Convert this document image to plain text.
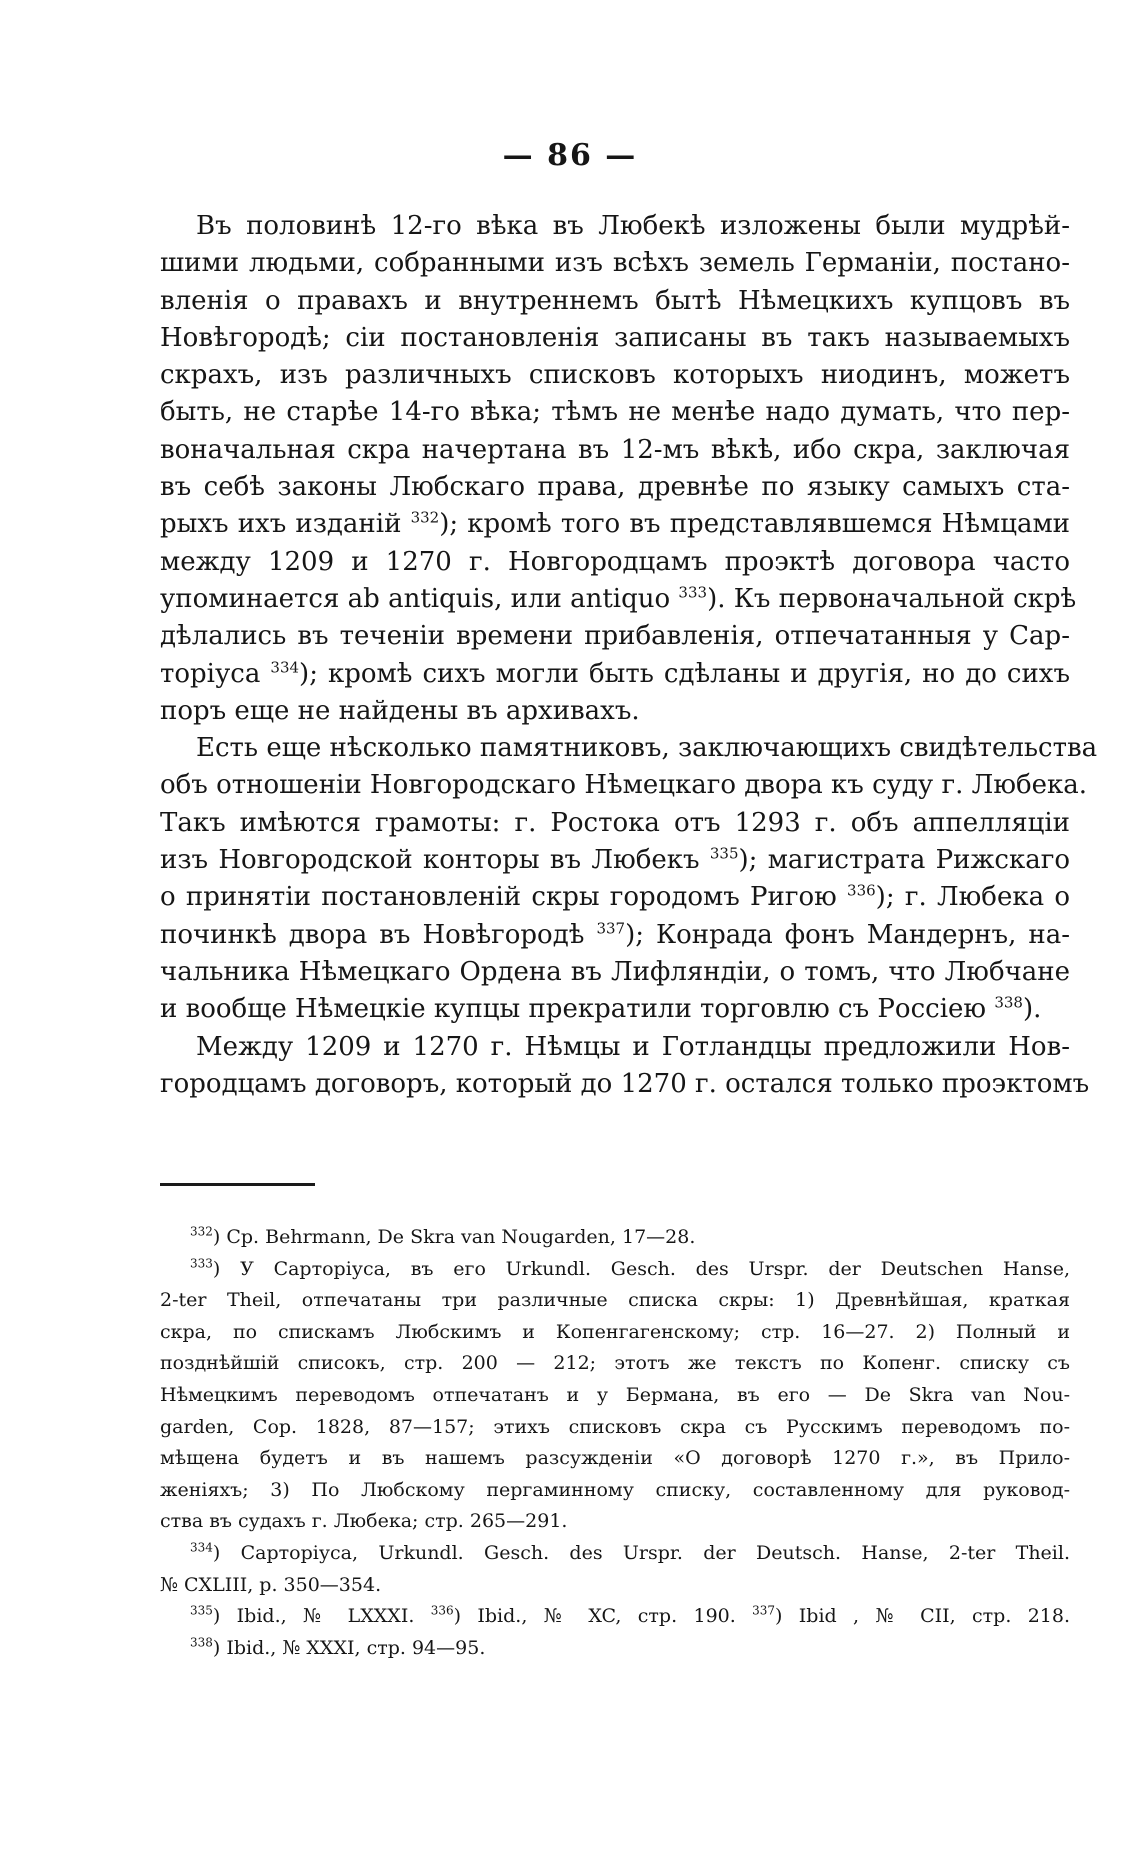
— 86 —

Въ половинѣ 12-го вѣка въ Любекѣ изложены были мудрѣй-
шими людьми, собранными изъ всѣхъ земель Германіи, постано-
вленія о правахъ и внутреннемъ бытѣ Нѣмецкихъ купцовъ въ
Новѣгородѣ; сіи постановленія записаны въ такъ называемыхъ
скрахъ, изъ различныхъ списковъ которыхъ ниодинъ, можетъ
быть, не старѣе 14-го вѣка; тѣмъ не менѣе надо думать, что пер-
воначальная скра начертана въ 12-мъ вѣкѣ, ибо скра, заключая
въ себѣ законы Любскаго права, древнѣе по языку самыхъ ста-
рыхъ ихъ изданій $^{332}$); кромѣ того въ представлявшемся Нѣмцами
между 1209 и 1270 г. Новгородцамъ проэктѣ договора часто
упоминается ab antiquis, или antiquo $^{333}$). Къ первоначальной скрѣ
дѣлались въ теченіи времени прибавленія, отпечатанныя у Сар-
торіуса $^{334}$); кромѣ сихъ могли быть сдѣланы и другія, но до сихъ
поръ еще не найдены въ архивахъ.

Есть еще нѣсколько памятниковъ, заключающихъ свидѣтельства
объ отношеніи Новгородскаго Нѣмецкаго двора къ суду г. Любека.
Такъ имѣются грамоты: г. Ростока отъ 1293 г. объ аппелляціи
изъ Новгородской конторы въ Любекъ $^{335}$); магистрата Рижскаго
о принятіи постановленій скры городомъ Ригою $^{336}$); г. Любека о
починкѣ двора въ Новѣгородѣ $^{337}$); Конрада фонъ Мандернъ, на-
чальника Нѣмецкаго Ордена въ Лифляндіи, о томъ, что Любчане
и вообще Нѣмецкіе купцы прекратили торговлю съ Россіею $^{338}$).

Между 1209 и 1270 г. Нѣмцы и Готландцы предложили Нов-
городцамъ договоръ, который до 1270 г. остался только проэктомъ

$^{332}$) Ср. Behrmann, De Skra van Nougarden, 17—28.

$^{333}$) У Сарторіуса, въ его Urkundl. Gesch. des Urspr. der Deutschen Hanse,
2-ter Theil, отпечатаны три различные списка скры: 1) Древнѣйшая, краткая
скра, по спискамъ Любскимъ и Копенгагенскому; стр. 16—27. 2) Полный и
позднѣйшій списокъ, стр. 200 — 212; этотъ же текстъ по Копенг. списку съ
Нѣмецкимъ переводомъ отпечатанъ и у Бермана, въ его — De Skra van Nou-
garden, Сор. 1828, 87—157; этихъ списковъ скра съ Русскимъ переводомъ по-
мѣщена будетъ и въ нашемъ разсужденіи «О договорѣ 1270 г.», въ Прило-
женіяхъ; 3) По Любскому пергаминному списку, составленному для руковод-
ства въ судахъ г. Любека; стр. 265—291.

$^{334}$) Сарторіуса, Urkundl. Gesch. des Urspr. der Deutsch. Hanse, 2-ter Theil.
№ CXLIII, p. 350—354.

$^{335}$) Ibid., № LXXXI. $^{336}$) Ibid., № XC, стр. 190. $^{337}$) Ibid , № CII, стр. 218.

$^{338}$) Ibid., № XXXI, стр. 94—95.
